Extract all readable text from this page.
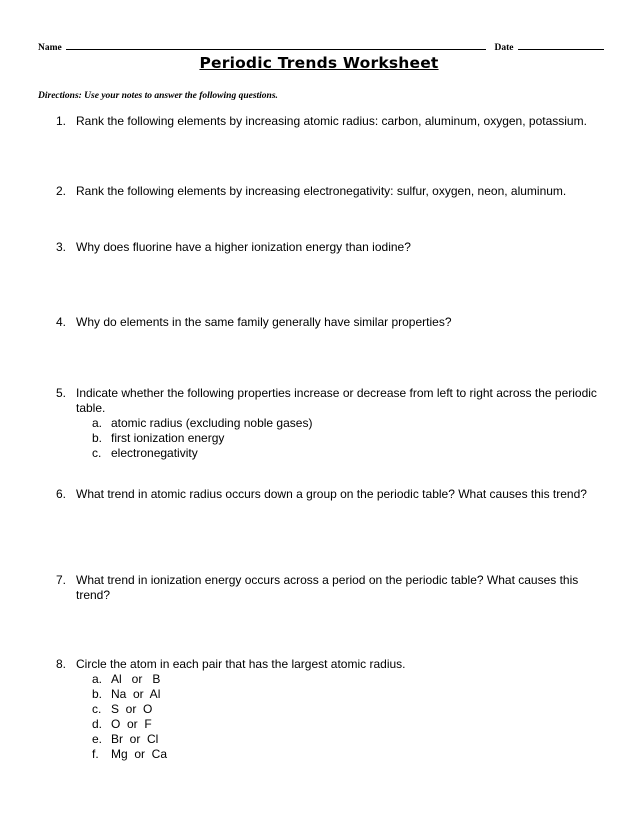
Name	Date
Periodic Trends Worksheet
Directions: Use your notes to answer the following questions.
1. Rank the following elements by increasing atomic radius: carbon, aluminum, oxygen, potassium.
2. Rank the following elements by increasing electronegativity: sulfur, oxygen, neon, aluminum.
3. Why does fluorine have a higher ionization energy than iodine?
4. Why do elements in the same family generally have similar properties?
5. Indicate whether the following properties increase or decrease from left to right across the periodic table.
a. atomic radius (excluding noble gases)
b. first ionization energy
c. electronegativity
6. What trend in atomic radius occurs down a group on the periodic table? What causes this trend?
7. What trend in ionization energy occurs across a period on the periodic table? What causes this trend?
8. Circle the atom in each pair that has the largest atomic radius.
a. Al   or   B
b. Na  or  Al
c. S  or  O
d. O  or  F
e. Br  or  Cl
f. Mg  or  Ca
